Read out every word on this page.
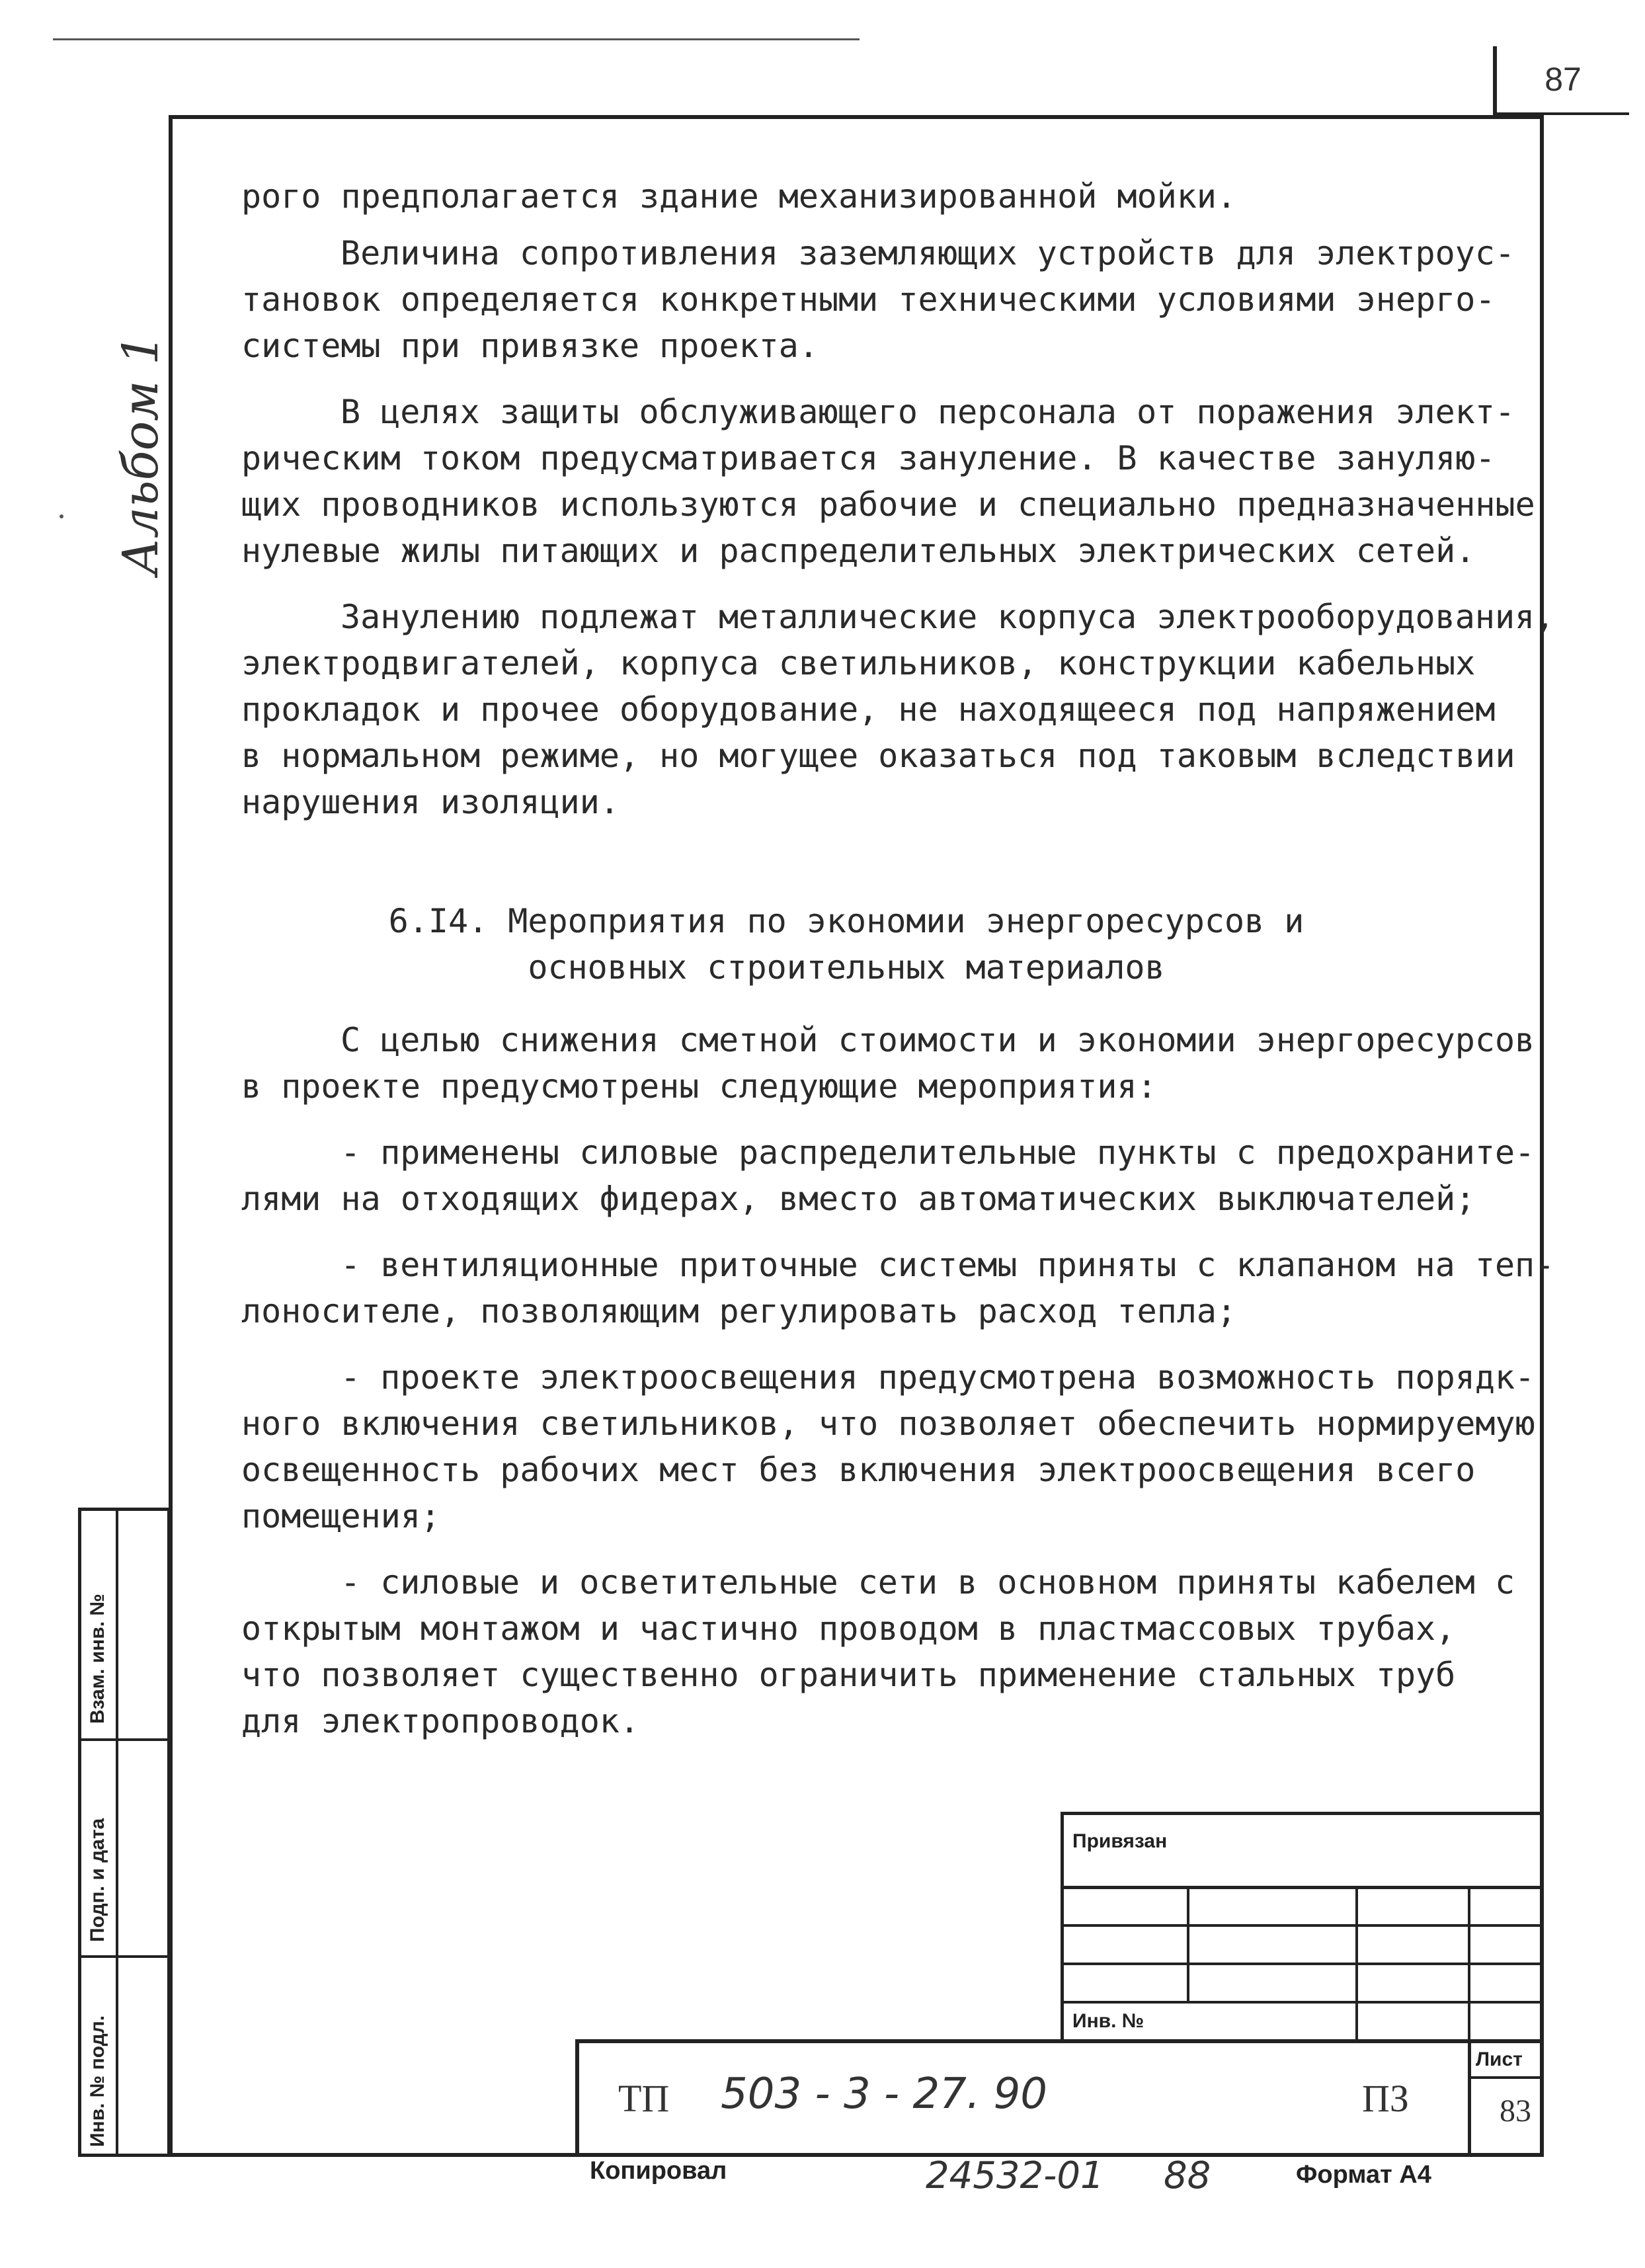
87
Альбом 1
Взам. инв. №
Подп. и дата
Инв. № подл.

рого предполагается здание механизированной мойки.

Величина сопротивления заземляющих устройств для электроус-
тановок определяется конкретными техническими условиями энерго-
системы при привязке проекта.

В целях защиты обслуживающего персонала от поражения элект-
рическим током предусматривается зануление. В качестве зануляю-
щих проводников используются рабочие и специально предназначенные
нулевые жилы питающих и распределительных электрических сетей.

Занулению подлежат металлические корпуса электрооборудования,
электродвигателей, корпуса светильников, конструкции кабельных
прокладок и прочее оборудование, не находящееся под напряжением
в нормальном режиме, но могущее оказаться под таковым вследствии
нарушения изоляции.

6.I4. Мероприятия по экономии энергоресурсов и
основных строительных материалов

С целью снижения сметной стоимости и экономии энергоресурсов
в проекте предусмотрены следующие мероприятия:

- применены силовые распределительные пункты с предохраните-
лями на отходящих фидерах, вместо автоматических выключателей;

- вентиляционные приточные системы приняты с клапаном на теп-
лоносителе, позволяющим регулировать расход тепла;

- проекте электроосвещения предусмотрена возможность порядк-
ного включения светильников, что позволяет обеспечить нормируемую
освещенность рабочих мест без включения электроосвещения всего
помещения;

- силовые и осветительные сети в основном приняты кабелем с
открытым монтажом и частично проводом в пластмассовых трубах,
что позволяет существенно ограничить применение стальных труб
для электропроводок.

Привязан
Инв. №
Лист
83
ТП 503 - 3 - 27. 90	ПЗ
Копировал	24532-01 88	Формат А4
